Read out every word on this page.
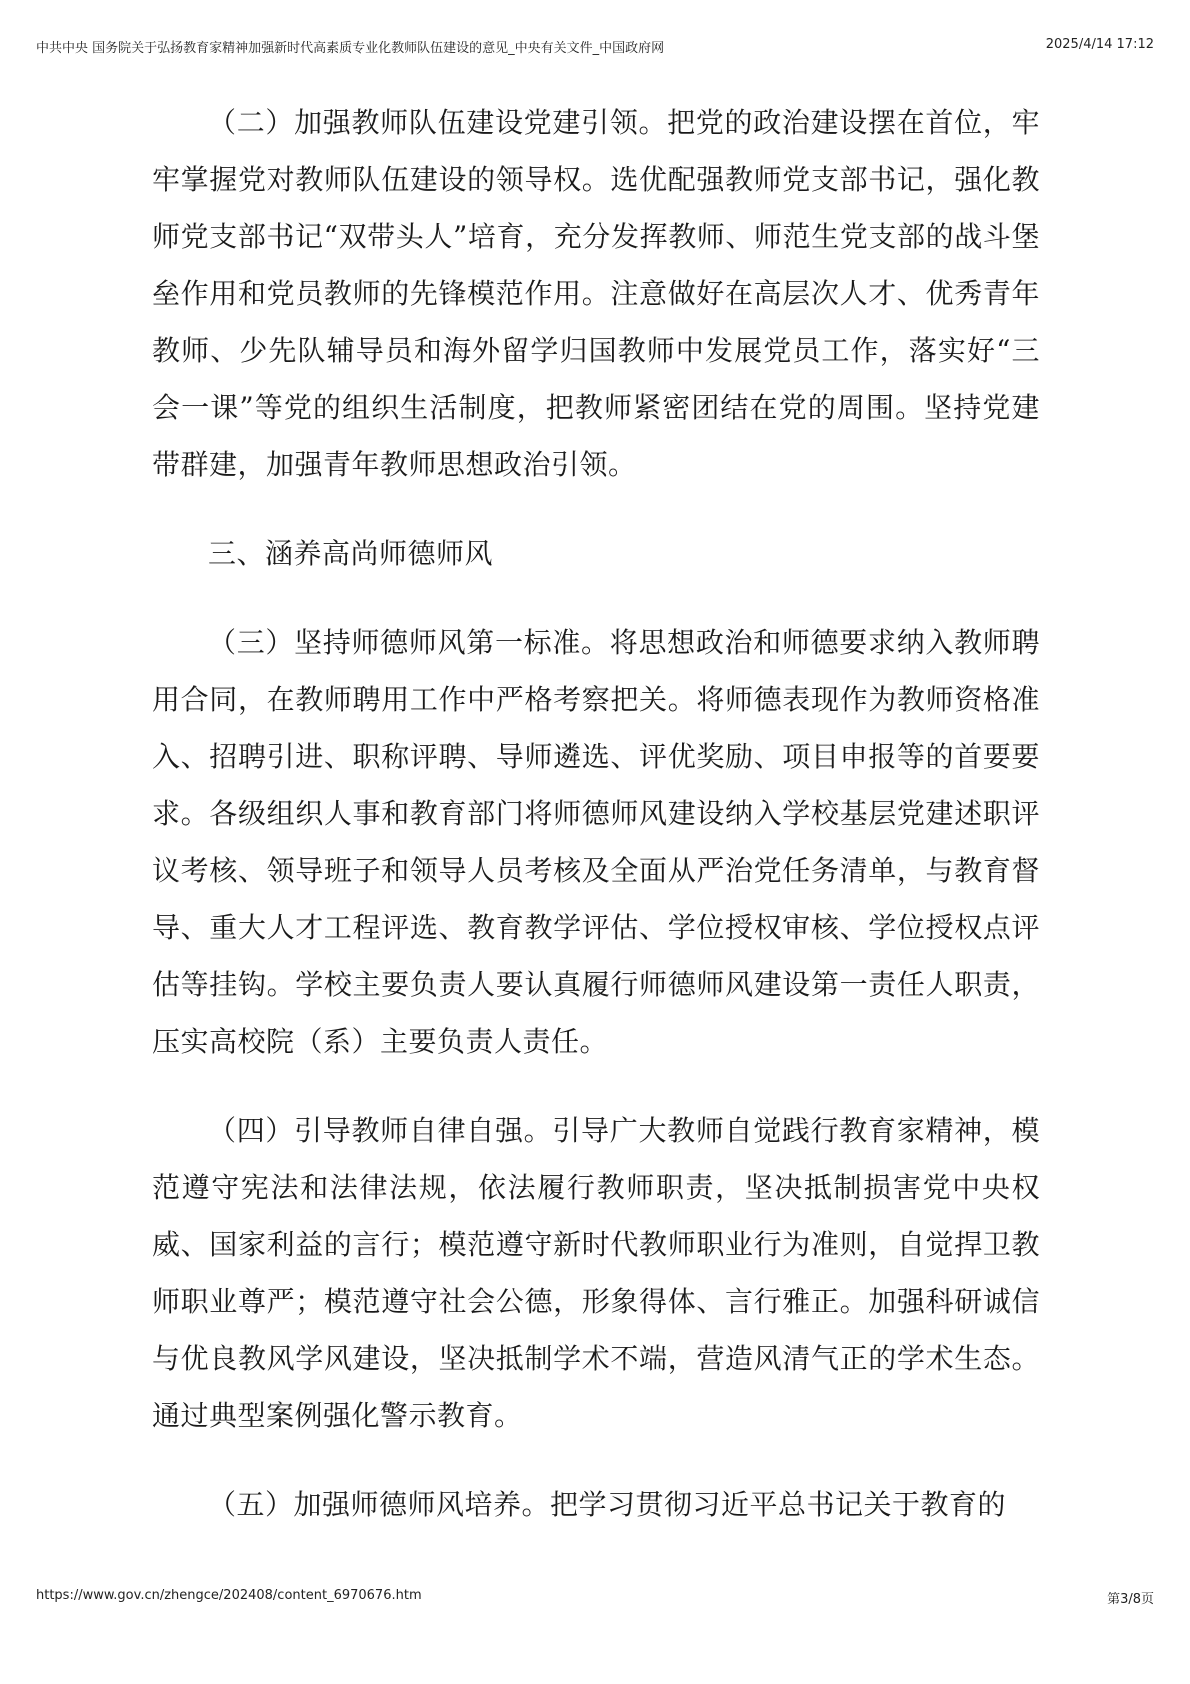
中共中央 国务院关于弘扬教育家精神加强新时代高素质专业化教师队伍建设的意见_中央有关文件_中国政府网	2025/4/14 17:12

（二）加强教师队伍建设党建引领。把党的政治建设摆在首位，牢牢掌握党对教师队伍建设的领导权。选优配强教师党支部书记，强化教师党支部书记“双带头人”培育，充分发挥教师、师范生党支部的战斗堡垒作用和党员教师的先锋模范作用。注意做好在高层次人才、优秀青年教师、少先队辅导员和海外留学归国教师中发展党员工作，落实好“三会一课”等党的组织生活制度，把教师紧密团结在党的周围。坚持党建带群建，加强青年教师思想政治引领。

三、涵养高尚师德师风

（三）坚持师德师风第一标准。将思想政治和师德要求纳入教师聘用合同，在教师聘用工作中严格考察把关。将师德表现作为教师资格准入、招聘引进、职称评聘、导师遴选、评优奖励、项目申报等的首要要求。各级组织人事和教育部门将师德师风建设纳入学校基层党建述职评议考核、领导班子和领导人员考核及全面从严治党任务清单，与教育督导、重大人才工程评选、教育教学评估、学位授权审核、学位授权点评估等挂钩。学校主要负责人要认真履行师德师风建设第一责任人职责，压实高校院（系）主要负责人责任。

（四）引导教师自律自强。引导广大教师自觉践行教育家精神，模范遵守宪法和法律法规，依法履行教师职责，坚决抵制损害党中央权威、国家利益的言行；模范遵守新时代教师职业行为准则，自觉捍卫教师职业尊严；模范遵守社会公德，形象得体、言行雅正。加强科研诚信与优良教风学风建设，坚决抵制学术不端，营造风清气正的学术生态。通过典型案例强化警示教育。

（五）加强师德师风培养。把学习贯彻习近平总书记关于教育的

https://www.gov.cn/zhengce/202408/content_6970676.htm	第3/8页
